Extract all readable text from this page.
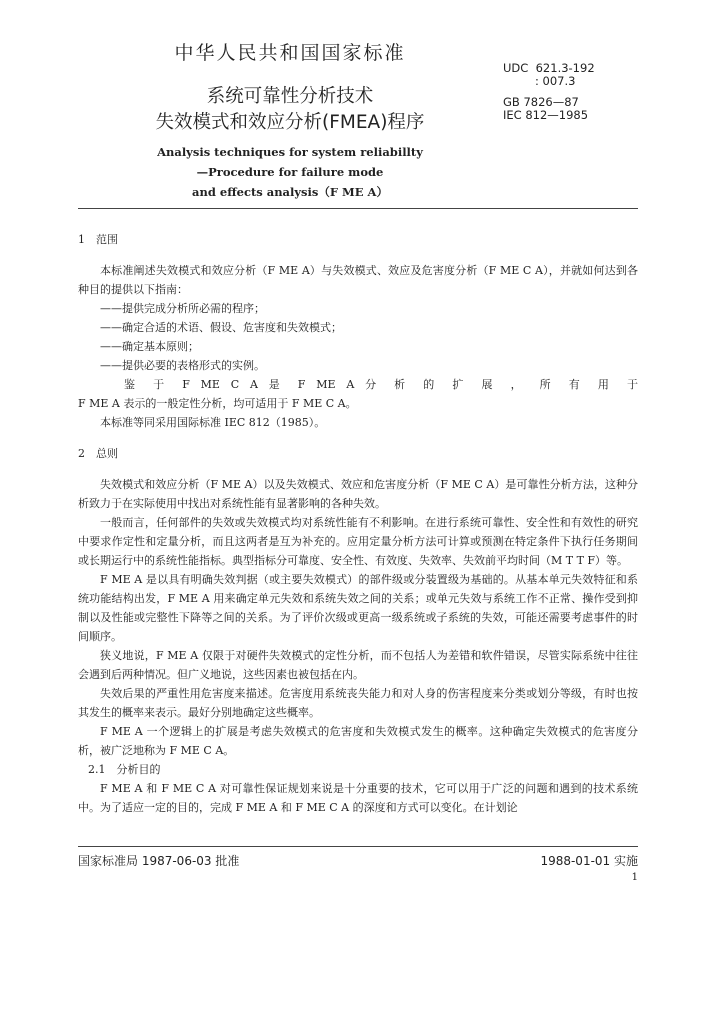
中华人民共和国国家标准
系统可靠性分析技术
失效模式和效应分析(FMEA)程序
UDC  621.3-192
: 007.3
GB 7826—87
IEC 812—1985
Analysis techniques for system reliabillty
—Procedure for failure mode
and effects analysis（F ME A）
1　范围

本标准阐述失效模式和效应分析（F ME A）与失效模式、效应及危害度分析（F ME C A），并就如何达到各种目的提供以下指南：

——提供完成分析所必需的程序；

——确定合适的术语、假设、危害度和失效模式；

——确定基本原则；

——提供必要的表格形式的实例。

鉴 于 F ME C A 是 F ME A 分 析 的 扩 展 ， 所 有 用 于

F ME A 表示的一般定性分析，均可适用于 F ME C A。

本标准等同采用国际标准 IEC 812（1985）。

2　总则

失效模式和效应分析（F ME A）以及失效模式、效应和危害度分析（F ME C A）是可靠性分析方法，这种分析致力于在实际使用中找出对系统性能有显著影响的各种失效。

一般而言，任何部件的失效或失效模式均对系统性能有不利影响。在进行系统可靠性、安全性和有效性的研究中要求作定性和定量分析，而且这两者是互为补充的。应用定量分析方法可计算或预测在特定条件下执行任务期间或长期运行中的系统性能指标。典型指标分可靠度、安全性、有效度、失效率、失效前平均时间（M T T F）等。

F ME A 是以具有明确失效判据（或主要失效模式）的部件级或分装置级为基础的。从基本单元失效特征和系统功能结构出发，F ME A 用来确定单元失效和系统失效之间的关系；或单元失效与系统工作不正常、操作受到抑制以及性能或完整性下降等之间的关系。为了评价次级或更高一级系统或子系统的失效，可能还需要考虑事件的时间顺序。

狭义地说，F ME A 仅限于对硬件失效模式的定性分析，而不包括人为差错和软件错误，尽管实际系统中往往会遇到后两种情况。但广义地说，这些因素也被包括在内。

失效后果的严重性用危害度来描述。危害度用系统丧失能力和对人身的伤害程度来分类或划分等级，有时也按其发生的概率来表示。最好分别地确定这些概率。

F ME A 一个逻辑上的扩展是考虑失效模式的危害度和失效模式发生的概率。这种确定失效模式的危害度分析，被广泛地称为 F ME C A。

2.1　分析目的

F ME A 和 F ME C A 对可靠性保证规划来说是十分重要的技术，它可以用于广泛的问题和遇到的技术系统中。为了适应一定的目的，完成 F ME A 和 F ME C A 的深度和方式可以变化。在计划论

国家标准局 1987-06-03 批准	1988-01-01 实施
1
